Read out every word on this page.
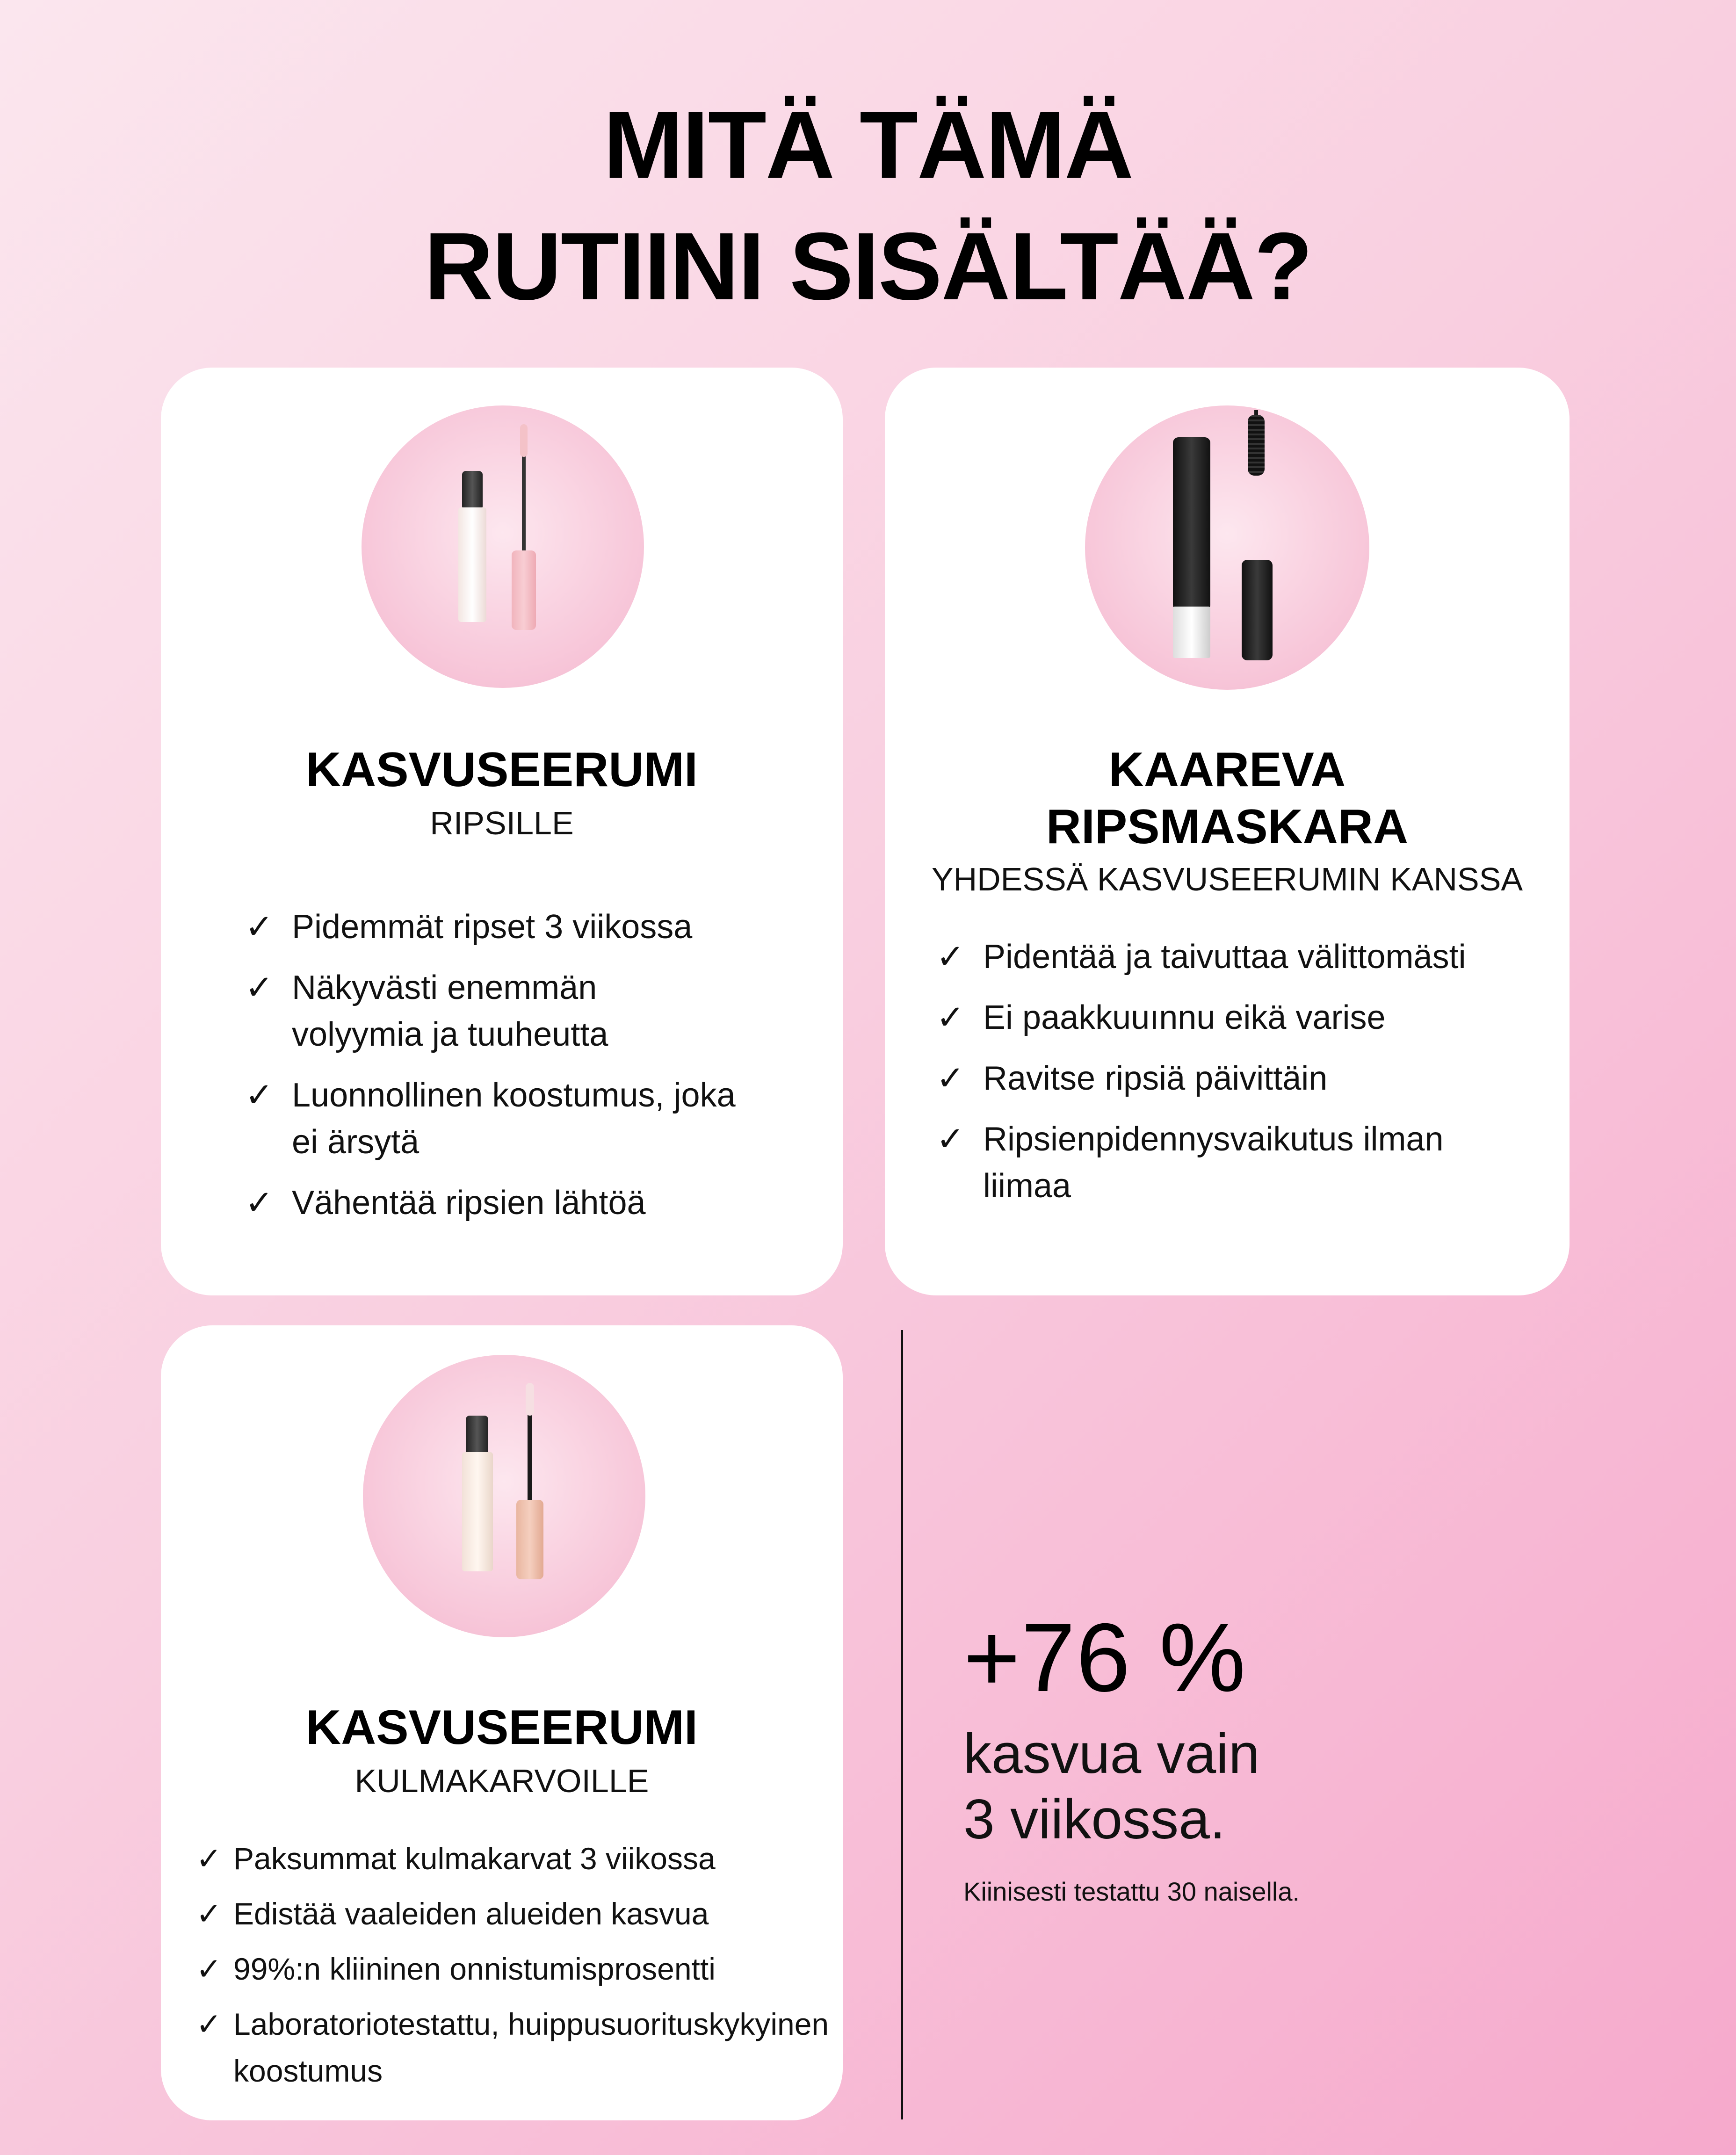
MITÄ TÄMÄ
RUTIINI SISÄLTÄÄ?
KASVUSEERUMI
RIPSILLE
✓ Pidemmät ripset 3 viikossa
✓ Näkyvästi enemmän volyymia ja tuuheutta
✓ Luonnollinen koostumus, joka ei ärsytä
✓ Vähentää ripsien lähtöä
KAAREVA
RIPSMASKARA
YHDESSÄ KASVUSEERUMIN KANSSA
✓ Pidentää ja taivuttaa välittomästi
✓ Ei paakkuuınnu eikä varise
✓ Ravitse ripsiä päivittäin
✓ Ripsienpidennysvaikutus ilman liimaa
KASVUSEERUMI
KULMAKARVOILLE
✓ Paksummat kulmakarvat 3 viikossa
✓ Edistää vaaleiden alueiden kasvua
✓ 99%:n kliininen onnistumisprosentti
✓ Laboratoriotestattu, huippusuorituskykyinen koostumus
+76 %
kasvua vain
3 viikossa.
Kiinisesti testattu 30 naisella.
